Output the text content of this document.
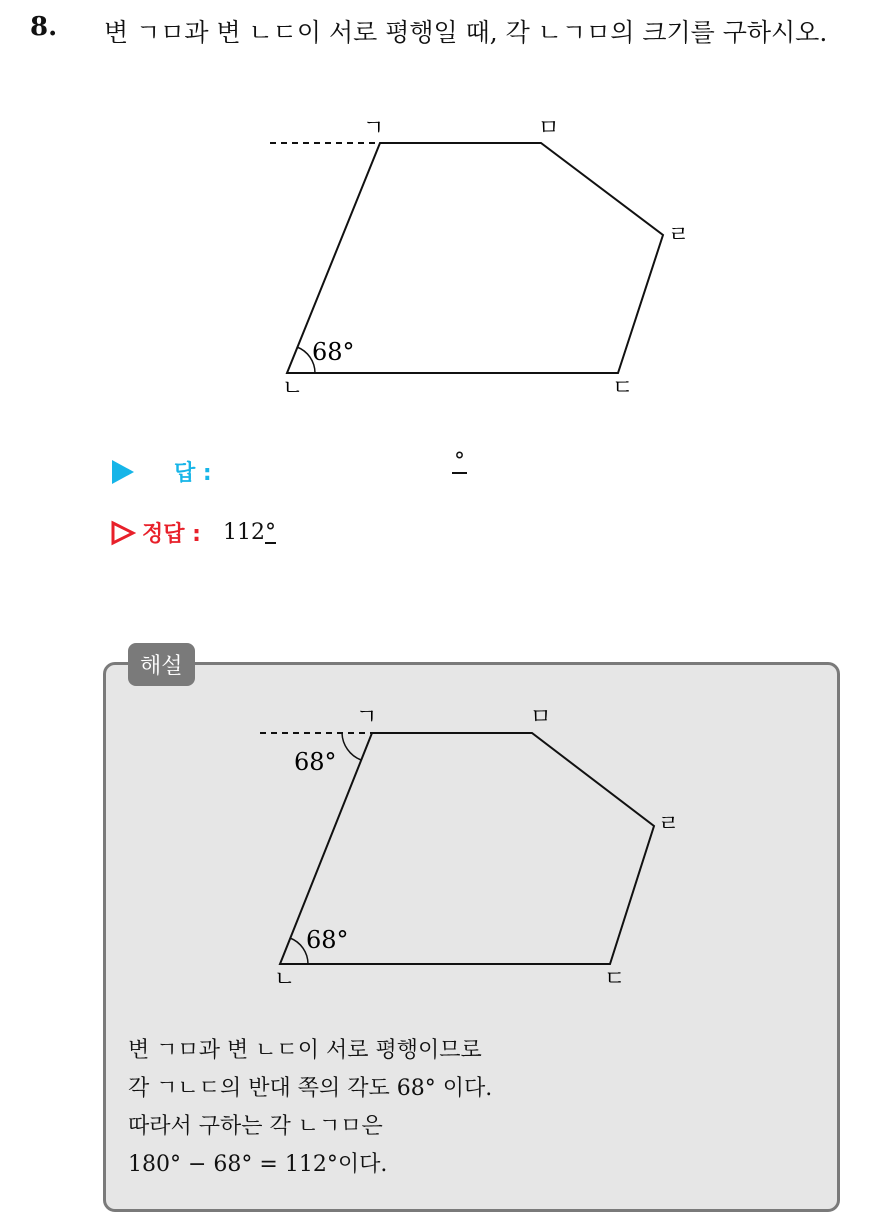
8. 변 ㄱㅁ과 변 ㄴㄷ이 서로 평행일 때, 각 ㄴㄱㅁ의 크기를 구하시오.
68°
ㄱ	ㅁ
ㄹ
ㄴ	ㄷ
답 :	°
정답 : 112°
해설
68°
68°
ㄱ	ㅁ
ㄹ
ㄴ	ㄷ
변 ㄱㅁ과 변 ㄴㄷ이 서로 평행이므로
각 ㄱㄴㄷ의 반대 쪽의 각도 68° 이다.
따라서 구하는 각 ㄴㄱㅁ은
180° − 68° = 112°이다.
